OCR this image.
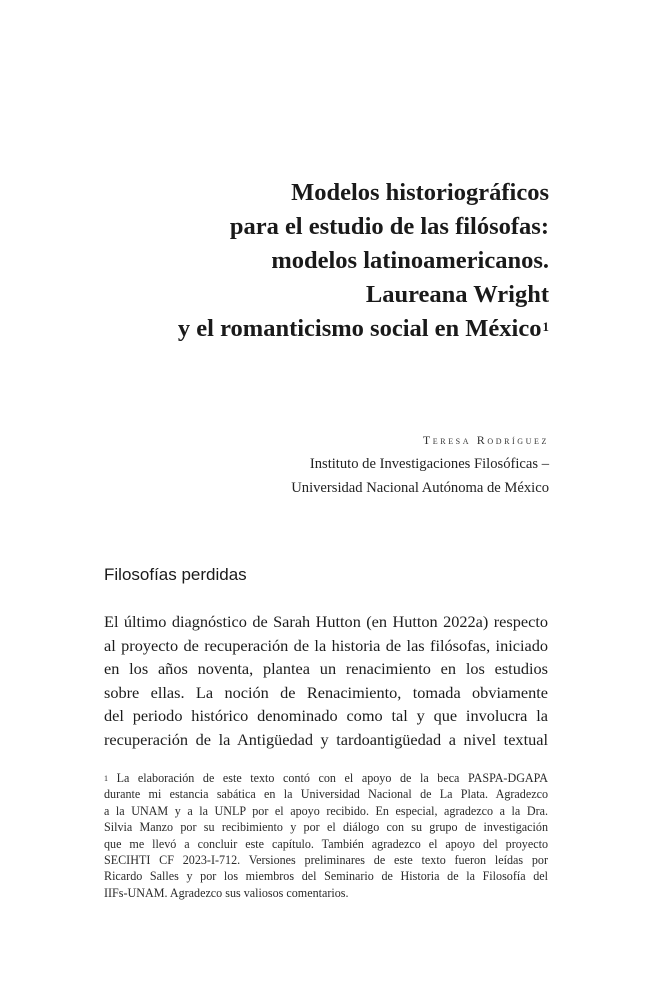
Modelos historiográficos
para el estudio de las filósofas:
modelos latinoamericanos.
Laureana Wright
y el romanticismo social en México$^1$
Teresa Rodríguez
Instituto de Investigaciones Filosóficas –
Universidad Nacional Autónoma de México
Filosofías perdidas

El último diagnóstico de Sarah Hutton (en Hutton 2022a) respecto
al proyecto de recuperación de la historia de las filósofas, iniciado
en los años noventa, plantea un renacimiento en los estudios
sobre ellas. La noción de Renacimiento, tomada obviamente
del periodo histórico denominado como tal y que involucra la
recuperación de la Antigüedad y tardoantigüedad a nivel textual

$^1$ La elaboración de este texto contó con el apoyo de la beca PASPA-DGAPA
durante mi estancia sabática en la Universidad Nacional de La Plata. Agradezco
a la UNAM y a la UNLP por el apoyo recibido. En especial, agradezco a la Dra.
Silvia Manzo por su recibimiento y por el diálogo con su grupo de investigación
que me llevó a concluir este capítulo. También agradezco el apoyo del proyecto
SECIHTI CF 2023-I-712. Versiones preliminares de este texto fueron leídas por
Ricardo Salles y por los miembros del Seminario de Historia de la Filosofía del
IIFs-UNAM. Agradezco sus valiosos comentarios.
